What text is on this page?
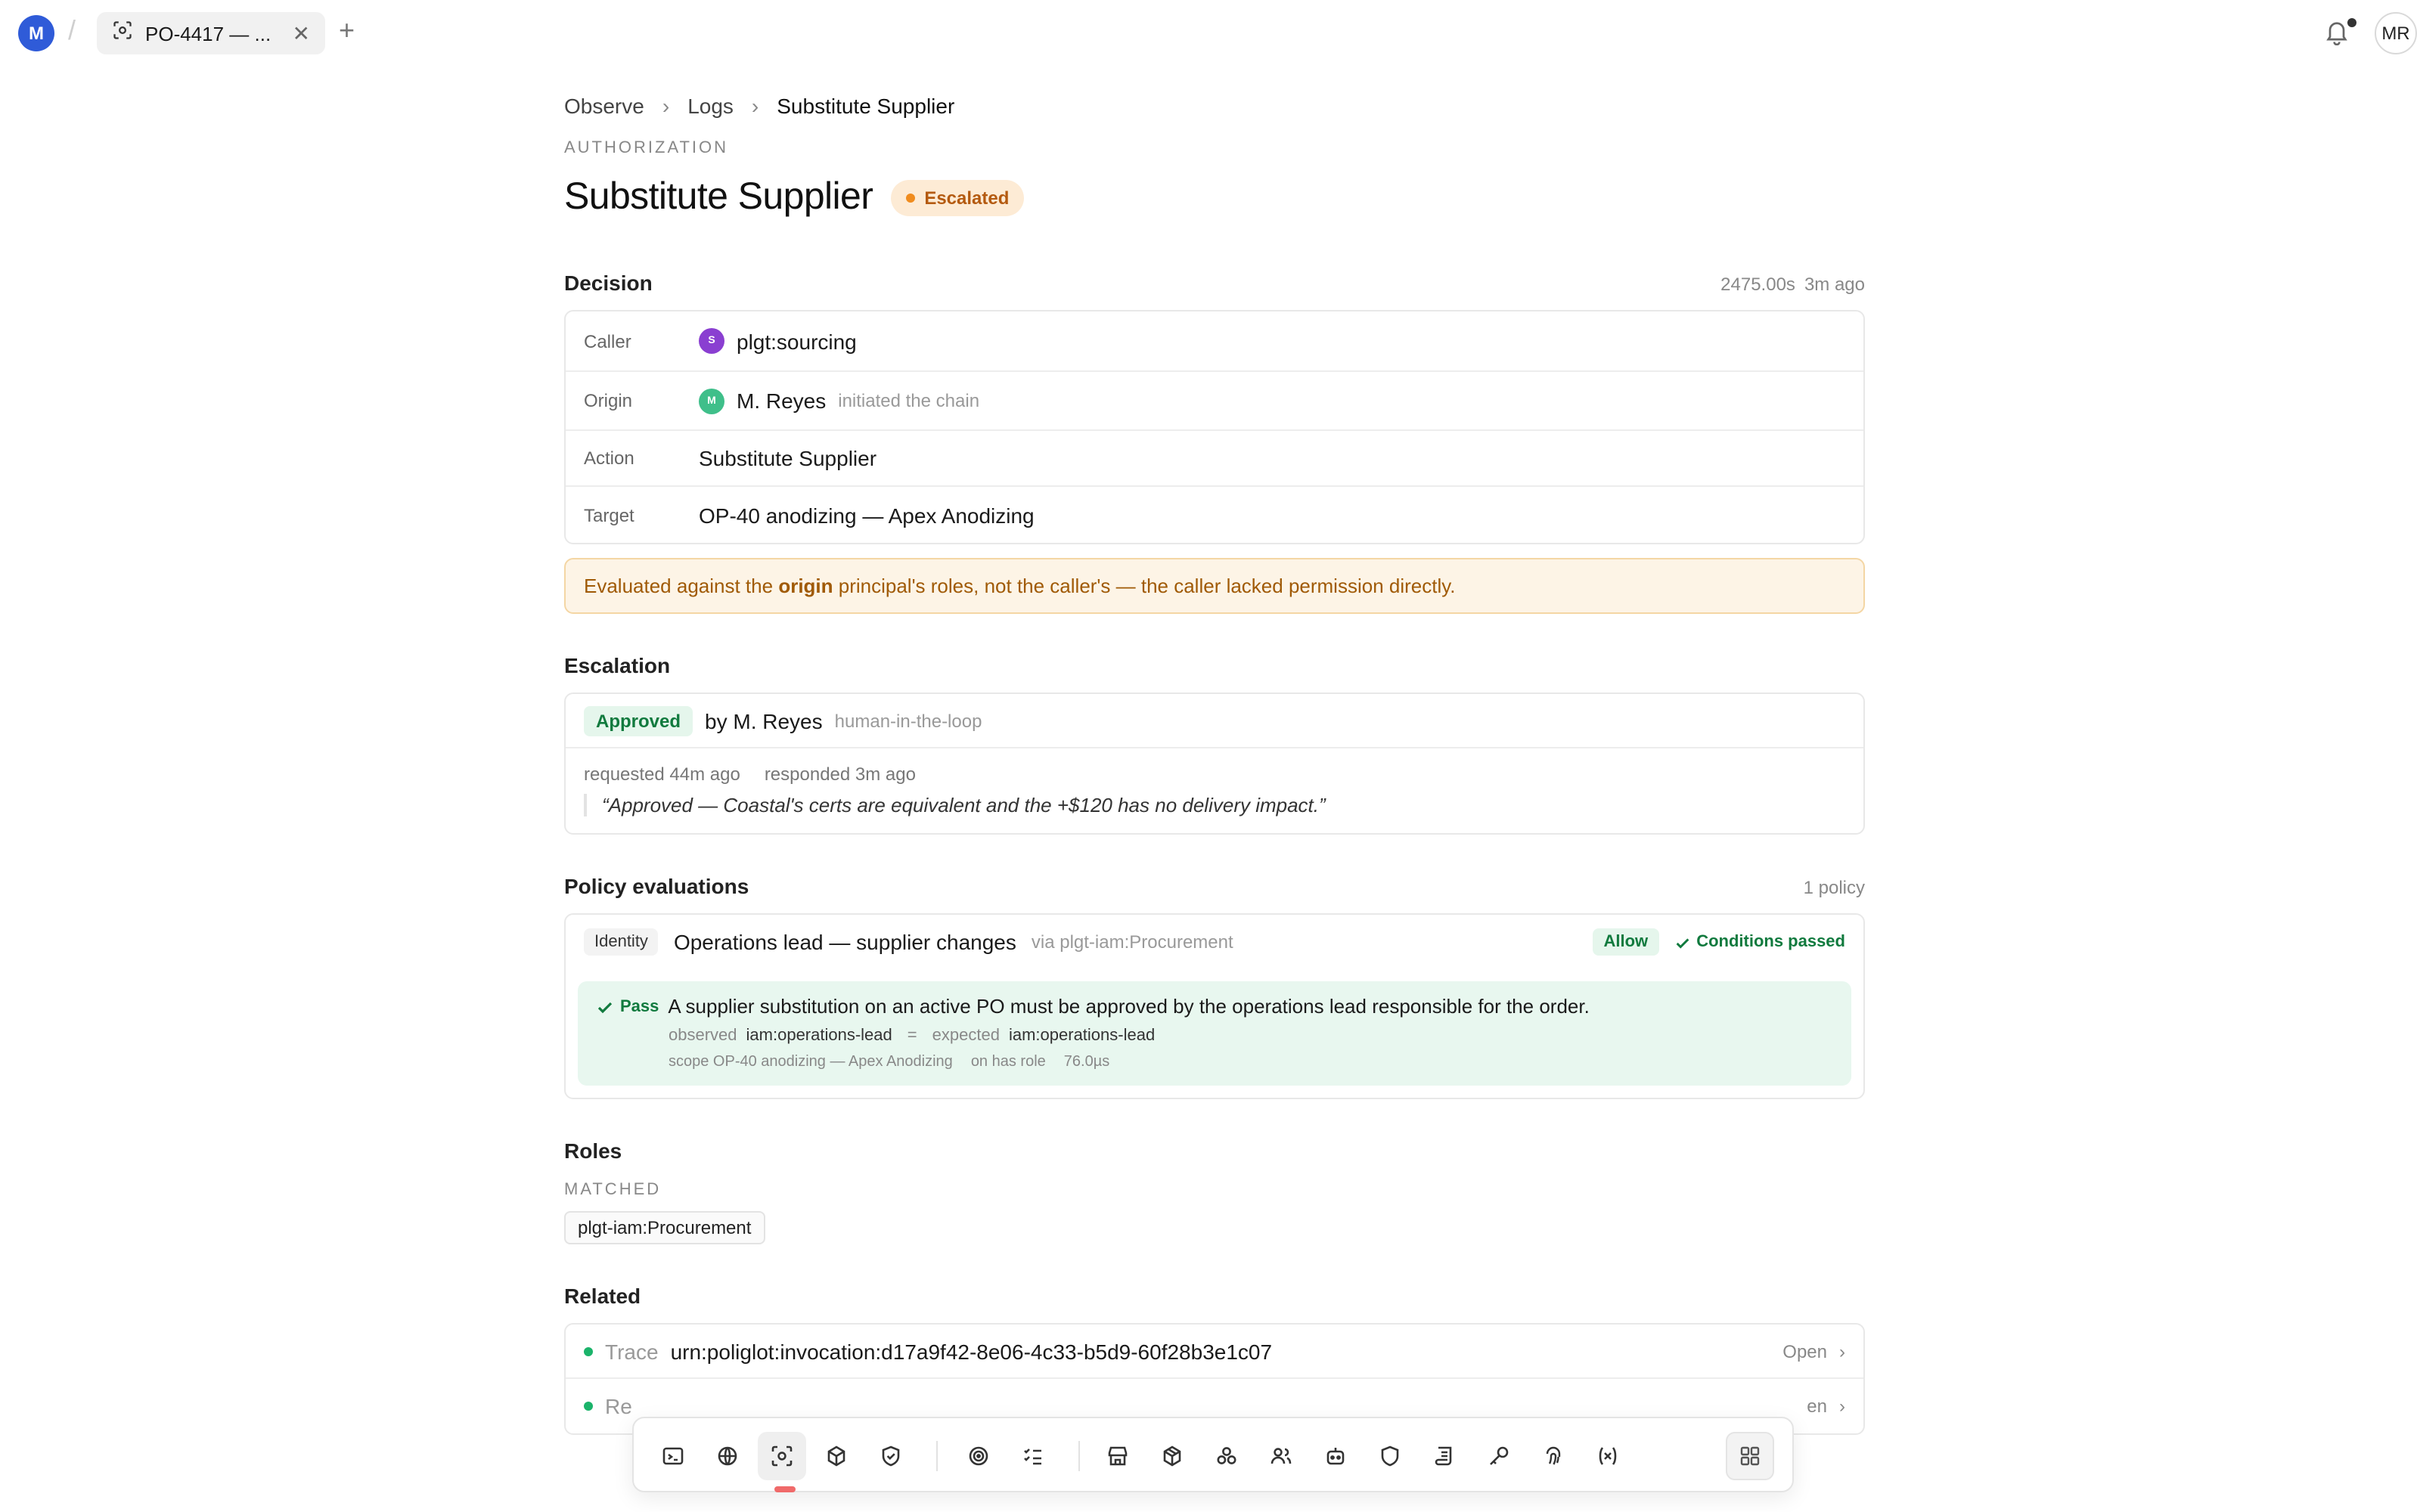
M	/	PO-4417 — ...	✕ +	MR
Observe › Logs › Substitute Supplier
AUTHORIZATION
Substitute Supplier	Escalated
Decision	2475.00s 3m ago
Caller	S	plgt:sourcing
Origin	M	M. Reyes initiated the chain
Action	Substitute Supplier
Target	OP-40 anodizing — Apex Anodizing
Evaluated against the origin principal's roles, not the caller's — the caller lacked permission directly.
Escalation
Approved	by M. Reyes human-in-the-loop
requested 44m ago	responded 3m ago
“Approved — Coastal's certs are equivalent and the +$120 has no delivery impact.”
Policy evaluations	1 policy
Identity	Operations lead — supplier changes via plgt-iam:Procurement	Allow	Conditions passed
Pass A supplier substitution on an active PO must be approved by the operations lead responsible for the order.
observed iam:operations-lead = expected iam:operations-lead
scope OP-40 anodizing — Apex Anodizing on has role 76.0µs
Roles
MATCHED
plgt-iam:Procurement
Related
Trace urn:poliglot:invocation:d17a9f42-8e06-4c33-b5d9-60f28b3e1c07	Open ›
Re	en ›
